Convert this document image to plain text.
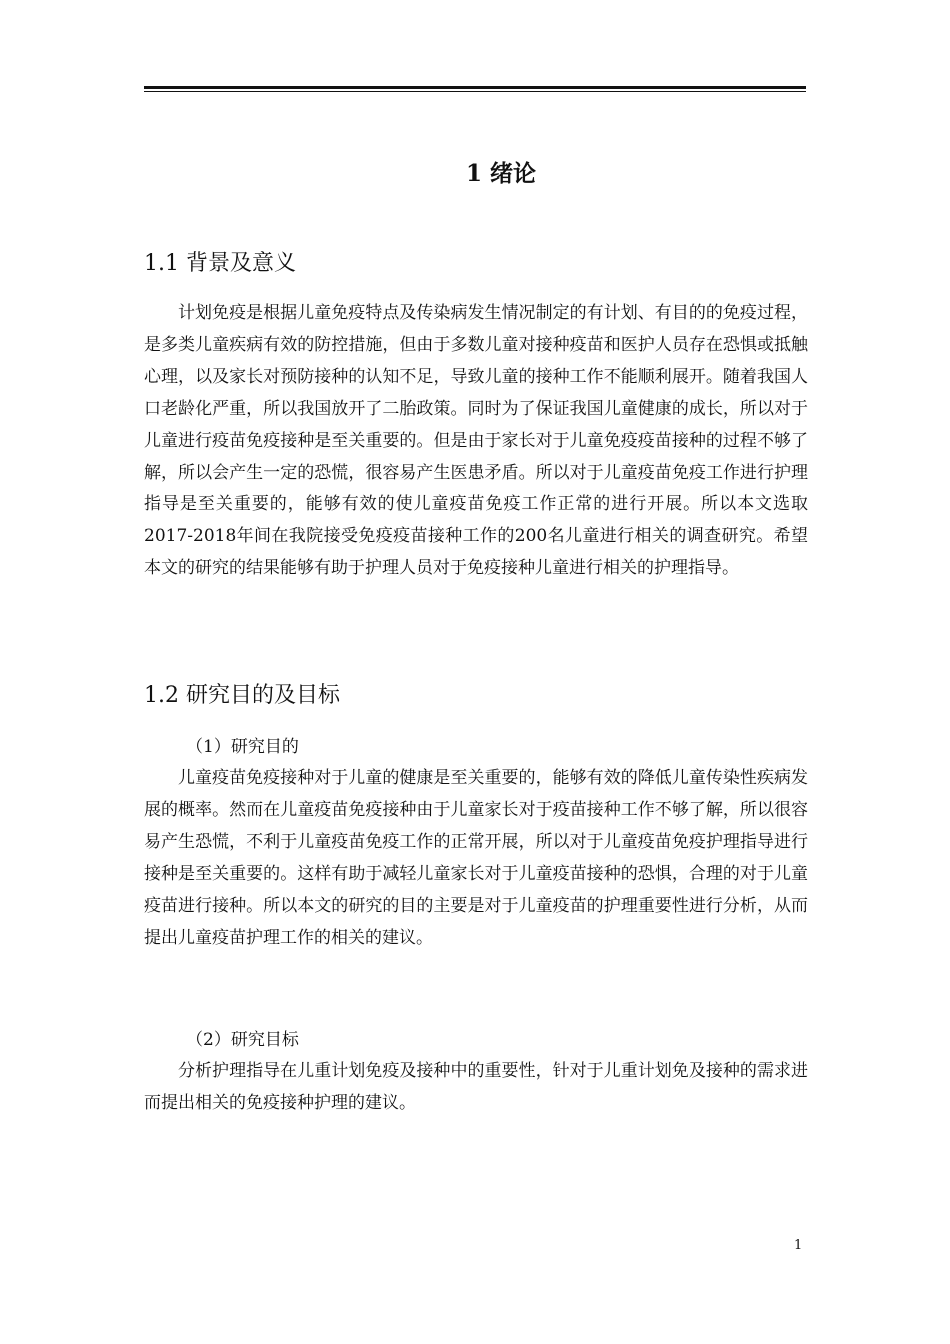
1 绪论
1.1 背景及意义

计划免疫是根据儿童免疫特点及传染病发生情况制定的有计划、有目的的免疫过程，是多类儿童疾病有效的防控措施，但由于多数儿童对接种疫苗和医护人员存在恐惧或抵触心理，以及家长对预防接种的认知不足，导致儿童的接种工作不能顺利展开。随着我国人口老龄化严重，所以我国放开了二胎政策。同时为了保证我国儿童健康的成长，所以对于儿童进行疫苗免疫接种是至关重要的。但是由于家长对于儿童免疫疫苗接种的过程不够了解，所以会产生一定的恐慌，很容易产生医患矛盾。所以对于儿童疫苗免疫工作进行护理指导是至关重要的，能够有效的使儿童疫苗免疫工作正常的进行开展。所以本文选取2017-2018年间在我院接受免疫疫苗接种工作的200名儿童进行相关的调查研究。希望本文的研究的结果能够有助于护理人员对于免疫接种儿童进行相关的护理指导。

1.2 研究目的及目标

（1）研究目的

儿童疫苗免疫接种对于儿童的健康是至关重要的，能够有效的降低儿童传染性疾病发展的概率。然而在儿童疫苗免疫接种由于儿童家长对于疫苗接种工作不够了解，所以很容易产生恐慌，不利于儿童疫苗免疫工作的正常开展，所以对于儿童疫苗免疫护理指导进行接种是至关重要的。这样有助于减轻儿童家长对于儿童疫苗接种的恐惧，合理的对于儿童疫苗进行接种。所以本文的研究的目的主要是对于儿童疫苗的护理重要性进行分析，从而提出儿童疫苗护理工作的相关的建议。

（2）研究目标

分析护理指导在儿重计划免疫及接种中的重要性，针对于儿重计划免及接种的需求进而提出相关的免疫接种护理的建议。

1
